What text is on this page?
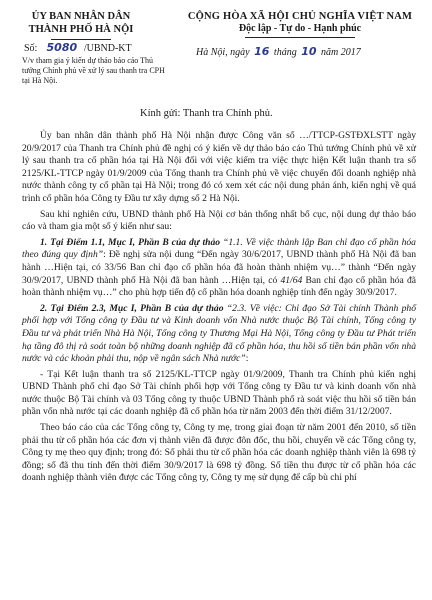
ỦY BAN NHÂN DÂN
THÀNH PHỐ HÀ NỘI
CỘNG HÒA XÃ HỘI CHỦ NGHĨA VIỆT NAM
Độc lập - Tự do - Hạnh phúc
Số: 5080 /UBND-KT
V/v tham gia ý kiến dự thảo báo cáo Thủ tướng Chính phủ về xử lý sau thanh tra CPH tại Hà Nội.
Hà Nội, ngày 16 tháng 10 năm 2017
Kính gửi: Thanh tra Chính phủ.

Ủy ban nhân dân thành phố Hà Nội nhận được Công văn số …/TTCP-GSTĐXLSTT ngày 20/9/2017 của Thanh tra Chính phủ đề nghị có ý kiến về dự thảo báo cáo Thủ tướng Chính phủ về xử lý sau thanh tra cổ phần hóa tại Hà Nội đối với việc kiểm tra việc thực hiện Kết luận thanh tra số 2125/KL-TTCP ngày 01/9/2009 của Tổng thanh tra Chính phủ về việc chuyển đổi doanh nghiệp nhà nước thành công ty cổ phần tại Hà Nội; trong đó có xem xét các nội dung phản ánh, kiến nghị về quá trình cổ phần hóa Công ty Đầu tư xây dựng số 2 Hà Nội.

Sau khi nghiên cứu, UBND thành phố Hà Nội cơ bản thống nhất bố cục, nội dung dự thảo báo cáo và tham gia một số ý kiến như sau:

1. Tại Điểm 1.1, Mục I, Phần B của dự thảo “1.1. Về việc thành lập Ban chỉ đạo cổ phần hóa theo đúng quy định”: Đề nghị sửa nội dung “Đến ngày 30/6/2017, UBND thành phố Hà Nội đã ban hành …Hiện tại, có 33/56 Ban chỉ đạo cổ phần hóa đã hoàn thành nhiệm vụ…” thành “Đến ngày 30/9/2017, UBND thành phố Hà Nội đã ban hành …Hiện tại, có 41/64 Ban chỉ đạo cổ phần hóa đã hoàn thành nhiệm vụ…” cho phù hợp tiến độ cổ phần hóa doanh nghiệp tính đến ngày 30/9/2017.

2. Tại Điểm 2.3, Mục I, Phần B của dự thảo “2.3. Về việc: Chỉ đạo Sở Tài chính Thành phố phối hợp với Tổng công ty Đầu tư và Kinh doanh vốn Nhà nước thuộc Bộ Tài chính, Tổng công ty Đầu tư và phát triển Nhà Hà Nội, Tổng công ty Thương Mại Hà Nội, Tổng công ty Đầu tư Phát triển hạ tầng đô thị rà soát toàn bộ những doanh nghiệp đã cổ phần hóa, thu hồi số tiền bán phần vốn nhà nước và các khoản phải thu, nộp về ngân sách Nhà nước”:

- Tại Kết luận thanh tra số 2125/KL-TTCP ngày 01/9/2009, Thanh tra Chính phủ kiến nghị UBND Thành phố chỉ đạo Sở Tài chính phối hợp với Tổng công ty Đầu tư và kinh doanh vốn nhà nước thuộc Bộ Tài chính và 03 Tổng công ty thuộc UBND Thành phố rà soát việc thu hồi số tiền bán phần vốn nhà nước tại các doanh nghiệp đã cổ phần hóa từ năm 2003 đến thời điểm 31/12/2007.

Theo báo cáo của các Tổng công ty, Công ty mẹ, trong giai đoạn từ năm 2001 đến 2010, số tiền phải thu từ cổ phần hóa các đơn vị thành viên đã được đôn đốc, thu hồi, chuyển về các Tổng công ty, Công ty mẹ theo quy định; trong đó: Số phải thu từ cổ phần hóa các doanh nghiệp thành viên là 698 tỷ đồng; số đã thu tính đến thời điểm 30/9/2017 là 698 tỷ đồng. Số tiền thu được từ cổ phần hóa các doanh nghiệp thành viên được các Tổng công ty, Công ty mẹ sử dụng để cấp bù chi phí
